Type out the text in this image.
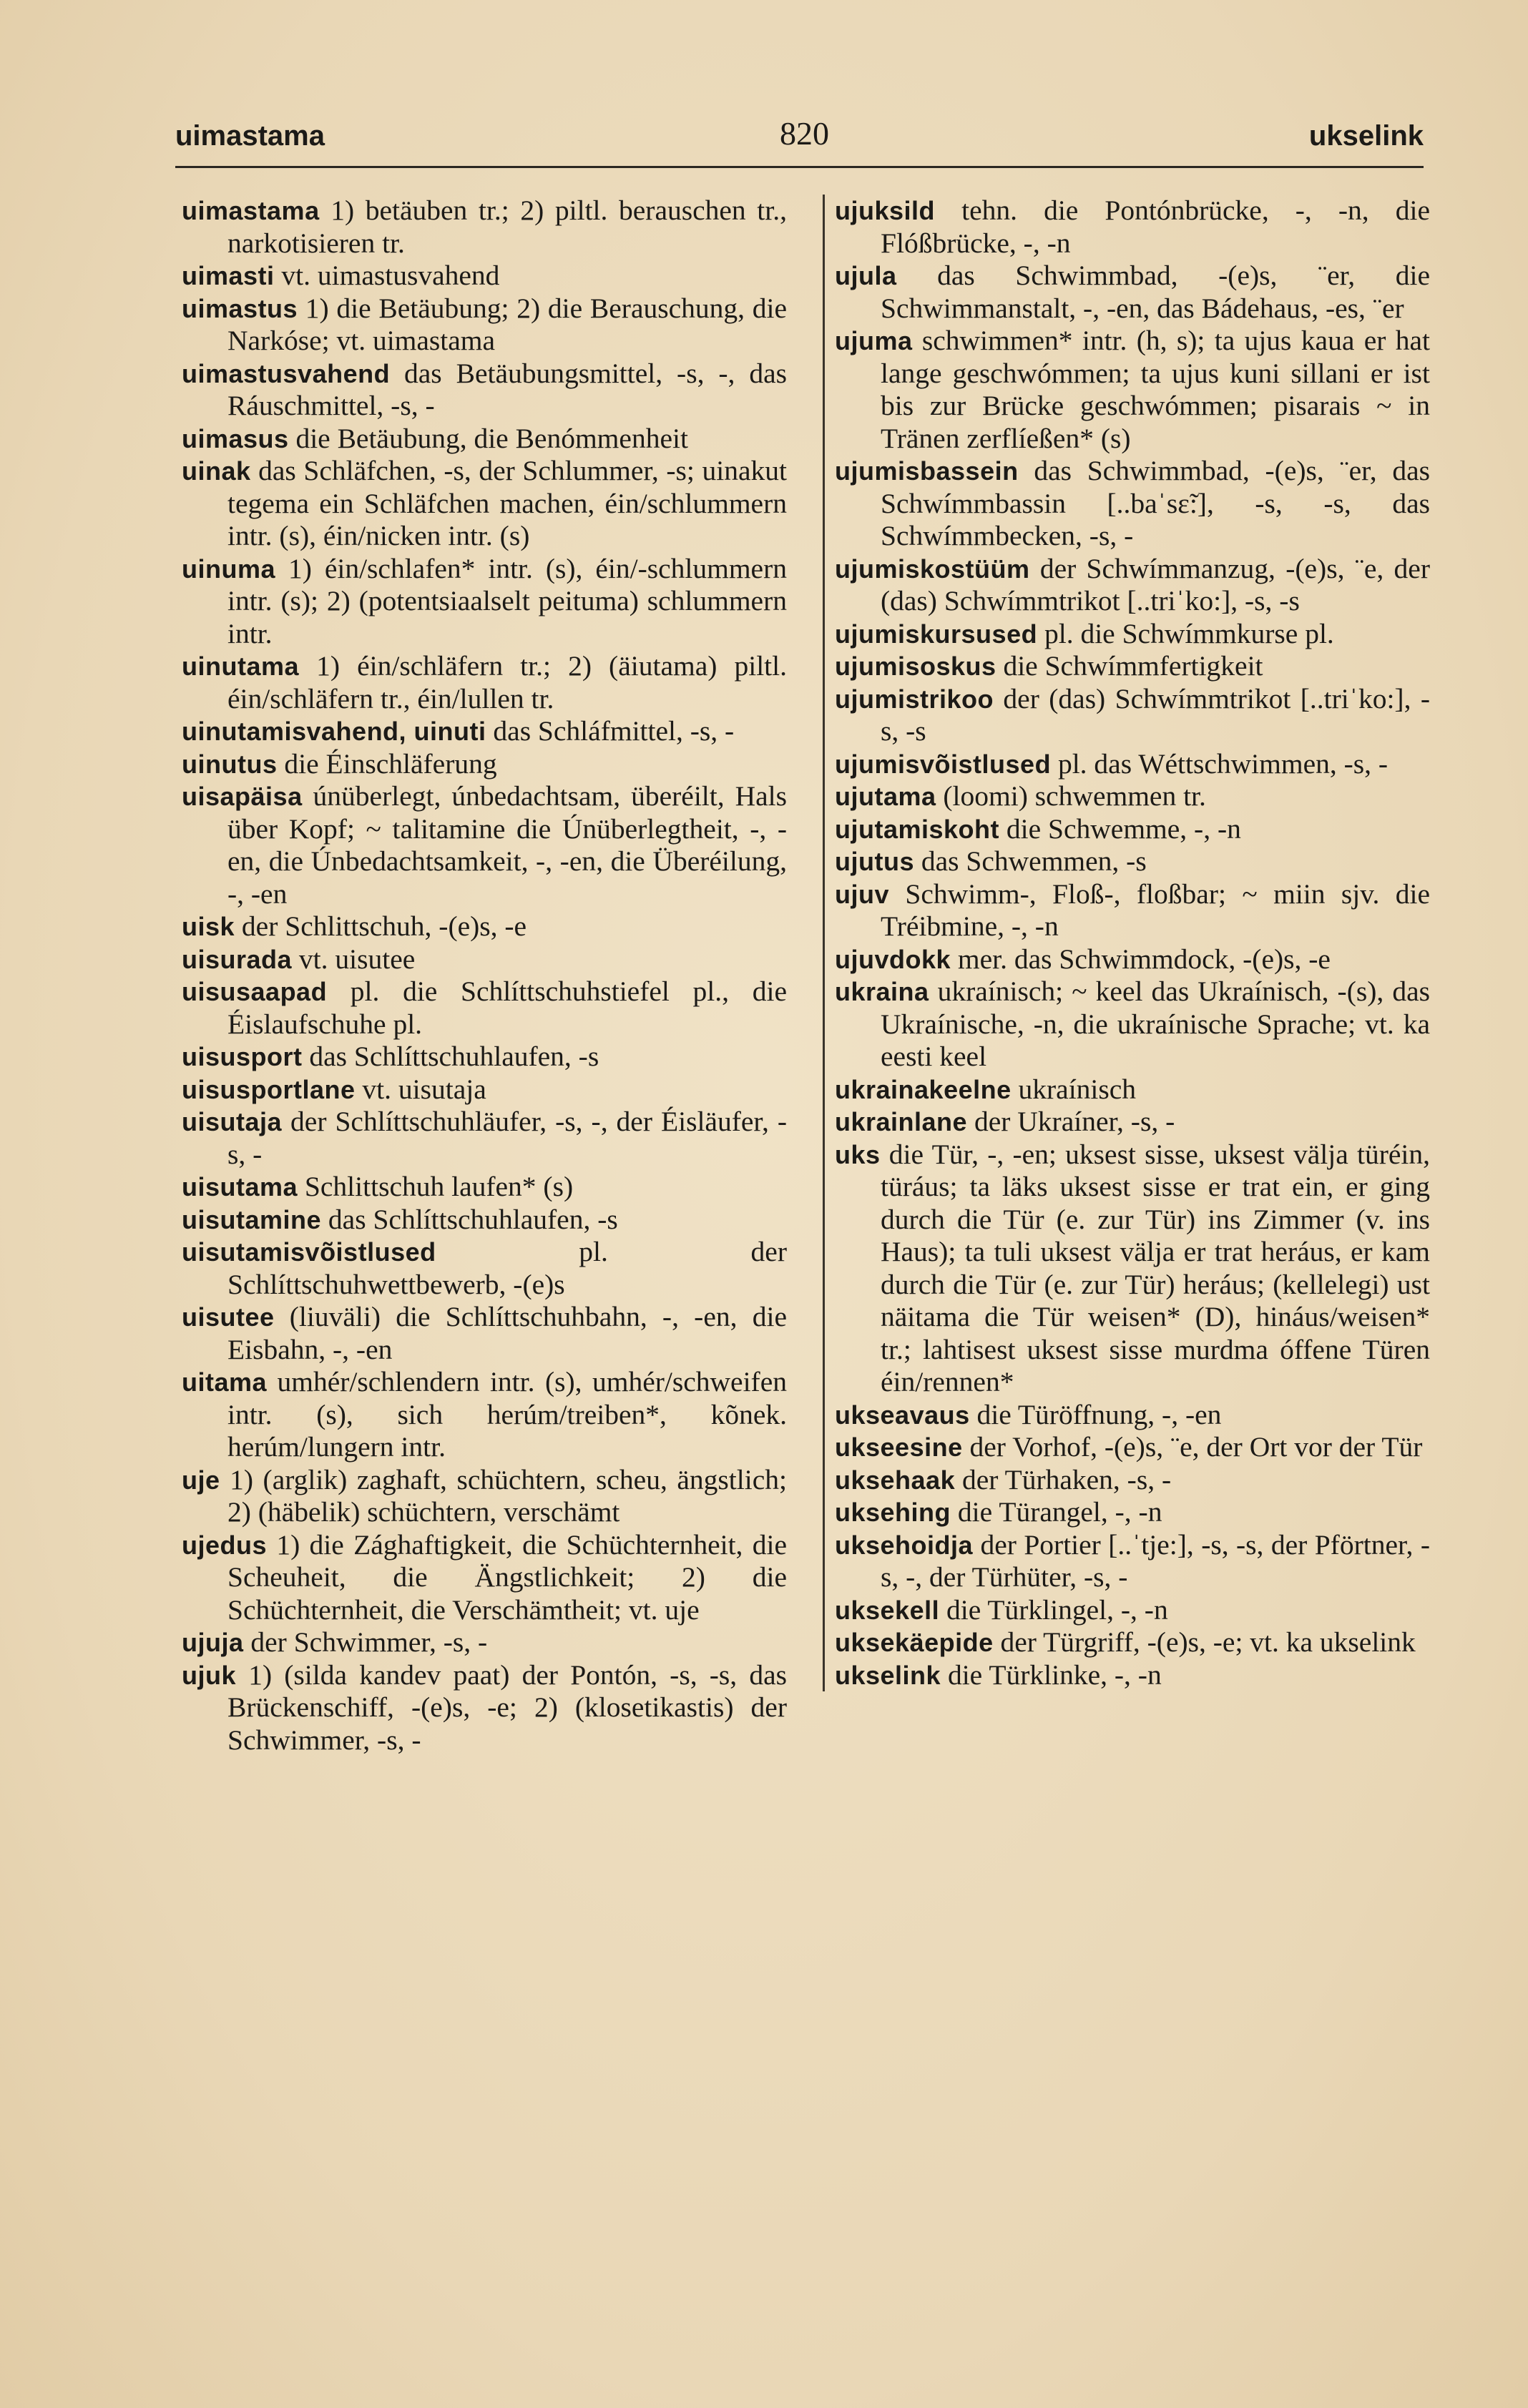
uimastama	820	ukselink

uimastama 1) betäuben tr.; 2) piltl. berauschen tr., narkotisieren tr.

uimasti vt. uimastusvahend

uimastus 1) die Betäubung; 2) die Berauschung, die Narkóse; vt. uimastama

uimastusvahend das Betäubungsmittel, -s, -, das Ráuschmittel, -s, -

uimasus die Betäubung, die Benómmenheit

uinak das Schläfchen, -s, der Schlummer, -s; uinakut tegema ein Schläfchen machen, éin/schlummern intr. (s), éin/nicken intr. (s)

uinuma 1) éin/schlafen* intr. (s), éin/-schlummern intr. (s); 2) (potentsiaalselt peituma) schlummern intr.

uinutama 1) éin/schläfern tr.; 2) (äiutama) piltl. éin/schläfern tr., éin/lullen tr.

uinutamisvahend, uinuti das Schláfmittel, -s, -

uinutus die Éinschläferung

uisapäisa únüberlegt, únbedachtsam, überéilt, Hals über Kopf; ~ talitamine die Únüberlegtheit, -, -en, die Únbedachtsamkeit, -, -en, die Überéilung, -, -en

uisk der Schlittschuh, -(e)s, -e

uisurada vt. uisutee

uisusaapad pl. die Schlíttschuhstiefel pl., die Éislaufschuhe pl.

uisusport das Schlíttschuhlaufen, -s

uisusportlane vt. uisutaja

uisutaja der Schlíttschuhläufer, -s, -, der Éisläufer, -s, -

uisutama Schlittschuh laufen* (s)

uisutamine das Schlíttschuhlaufen, -s

uisutamisvõistlused pl. der Schlíttschuhwettbewerb, -(e)s

uisutee (liuväli) die Schlíttschuhbahn, -, -en, die Eisbahn, -, -en

uitama umhér/schlendern intr. (s), umhér/schweifen intr. (s), sich herúm/treiben*, kõnek. herúm/lungern intr.

uje 1) (arglik) zaghaft, schüchtern, scheu, ängstlich; 2) (häbelik) schüchtern, verschämt

ujedus 1) die Zághaftigkeit, die Schüchternheit, die Scheuheit, die Ängstlichkeit; 2) die Schüchternheit, die Verschämtheit; vt. uje

ujuja der Schwimmer, -s, -

ujuk 1) (silda kandev paat) der Pontón, -s, -s, das Brückenschiff, -(e)s, -e; 2) (klosetikastis) der Schwimmer, -s, -

ujuksild tehn. die Pontónbrücke, -, -n, die Flóßbrücke, -, -n

ujula das Schwimmbad, -(e)s, ¨er, die Schwimmanstalt, -, -en, das Bádehaus, -es, ¨er

ujuma schwimmen* intr. (h, s); ta ujus kaua er hat lange geschwómmen; ta ujus kuni sillani er ist bis zur Brücke geschwómmen; pisarais ~ in Tränen zerflíeßen* (s)

ujumisbassein das Schwimmbad, -(e)s, ¨er, das Schwímmbassin [..baˈsɛ̃:], -s, -s, das Schwímmbecken, -s, -

ujumiskostüüm der Schwímmanzug, -(e)s, ¨e, der (das) Schwímmtrikot [..triˈko:], -s, -s

ujumiskursused pl. die Schwímmkurse pl.

ujumisoskus die Schwímmfertigkeit

ujumistrikoo der (das) Schwímmtrikot [..triˈko:], -s, -s

ujumisvõistlused pl. das Wéttschwimmen, -s, -

ujutama (loomi) schwemmen tr.

ujutamiskoht die Schwemme, -, -n

ujutus das Schwemmen, -s

ujuv Schwimm-, Floß-, floßbar; ~ miin sjv. die Tréibmine, -, -n

ujuvdokk mer. das Schwimmdock, -(e)s, -e

ukraina ukraínisch; ~ keel das Ukraínisch, -(s), das Ukraínische, -n, die ukraínische Sprache; vt. ka eesti keel

ukrainakeelne ukraínisch

ukrainlane der Ukraíner, -s, -

uks die Tür, -, -en; uksest sisse, uksest välja türéin, türáus; ta läks uksest sisse er trat ein, er ging durch die Tür (e. zur Tür) ins Zimmer (v. ins Haus); ta tuli uksest välja er trat heráus, er kam durch die Tür (e. zur Tür) heráus; (kellelegi) ust näitama die Tür weisen* (D), hináus/weisen* tr.; lahtisest uksest sisse murdma óffene Türen éin/rennen*

ukseavaus die Türöffnung, -, -en

ukseesine der Vorhof, -(e)s, ¨e, der Ort vor der Tür

uksehaak der Türhaken, -s, -

uksehing die Türangel, -, -n

uksehoidja der Portier [..ˈtje:], -s, -s, der Pförtner, -s, -, der Türhüter, -s, -

uksekell die Türklingel, -, -n

uksekäepide der Türgriff, -(e)s, -e; vt. ka ukselink

ukselink die Türklinke, -, -n
